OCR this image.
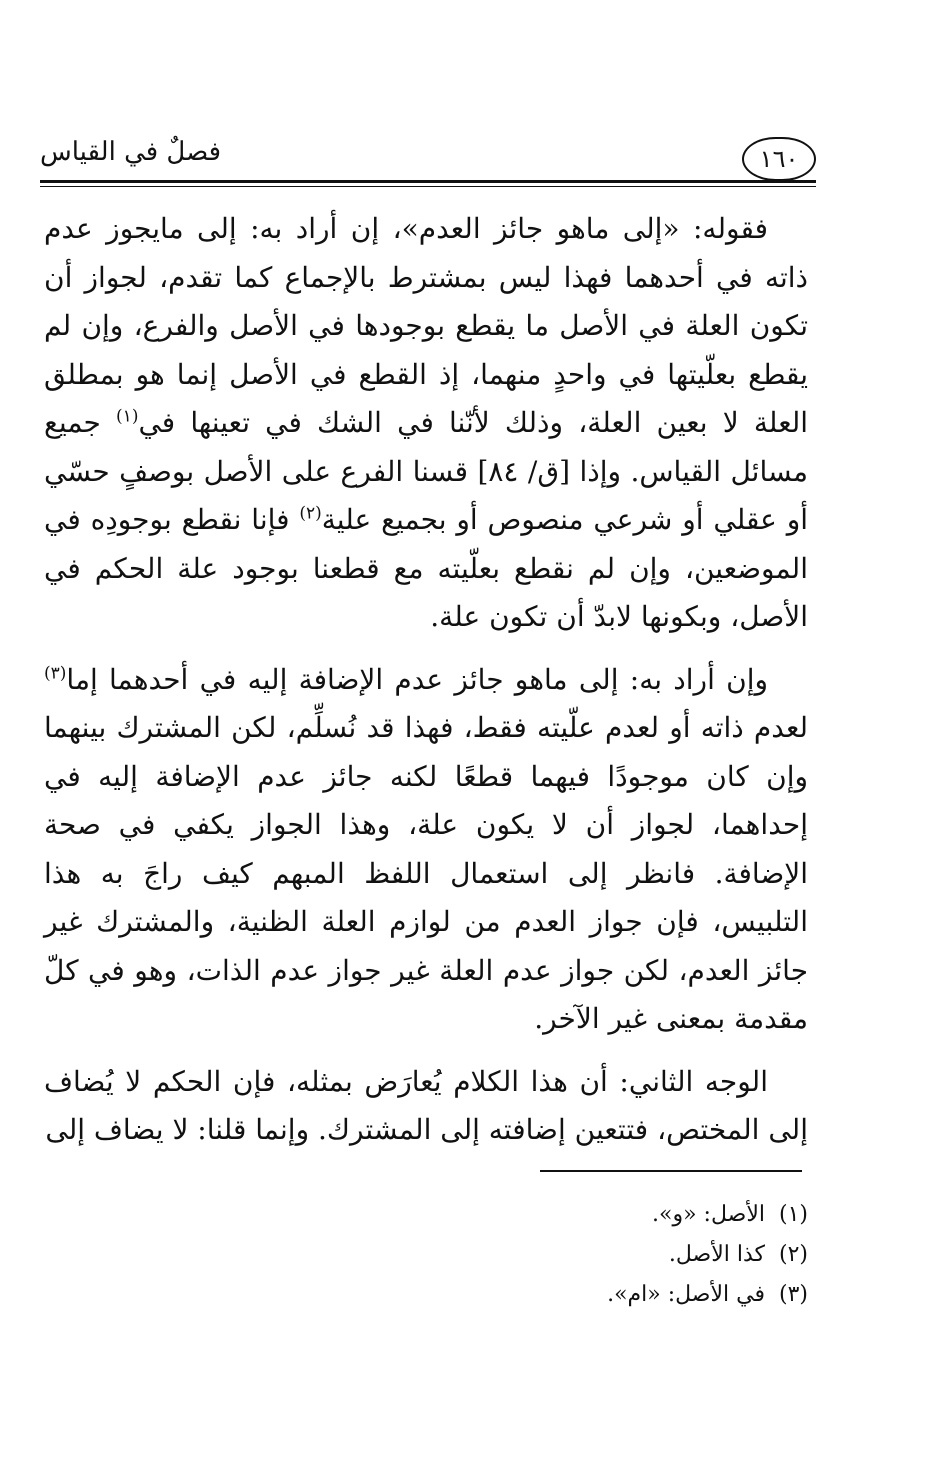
١٦٠
فصلٌ في القياس

فقوله: «إلى ماهو جائز العدم»، إن أراد به: إلى مايجوز عدم ذاته في أحدهما فهذا ليس بمشترط بالإجماع كما تقدم، لجواز أن تكون العلة في الأصل ما يقطع بوجودها في الأصل والفرع، وإن لم يقطع بعلّيتها في واحدٍ منهما، إذ القطع في الأصل إنما هو بمطلق العلة لا بعين العلة، وذلك لأنّنا في الشك في تعينها في$^{(١)}$ جميع مسائل القياس. وإذا [ق/ ٨٤] قسنا الفرع على الأصل بوصفٍ حسّي أو عقلي أو شرعي منصوص أو بجميع علية$^{(٢)}$ فإنا نقطع بوجودِه في الموضعين، وإن لم نقطع بعلّيته مع قطعنا بوجود علة الحكم في الأصل، وبكونها لابدّ أن تكون علة.

وإن أراد به: إلى ماهو جائز عدم الإضافة إليه في أحدهما إما$^{(٣)}$ لعدم ذاته أو لعدم علّيته فقط، فهذا قد نُسلِّم، لكن المشترك بينهما وإن كان موجودًا فيهما قطعًا لكنه جائز عدم الإضافة إليه في إحداهما، لجواز أن لا يكون علة، وهذا الجواز يكفي في صحة الإضافة. فانظر إلى استعمال اللفظ المبهم كيف راجَ به هذا التلبيس، فإن جواز العدم من لوازم العلة الظنية، والمشترك غير جائز العدم، لكن جواز عدم العلة غير جواز عدم الذات، وهو في كلّ مقدمة بمعنى غير الآخر.

الوجه الثاني: أن هذا الكلام يُعارَض بمثله، فإن الحكم لا يُضاف إلى المختص، فتتعين إضافته إلى المشترك. وإنما قلنا: لا يضاف إلى

(١)الأصل: «و».
(٢)كذا الأصل.
(٣)في الأصل: «ام».
